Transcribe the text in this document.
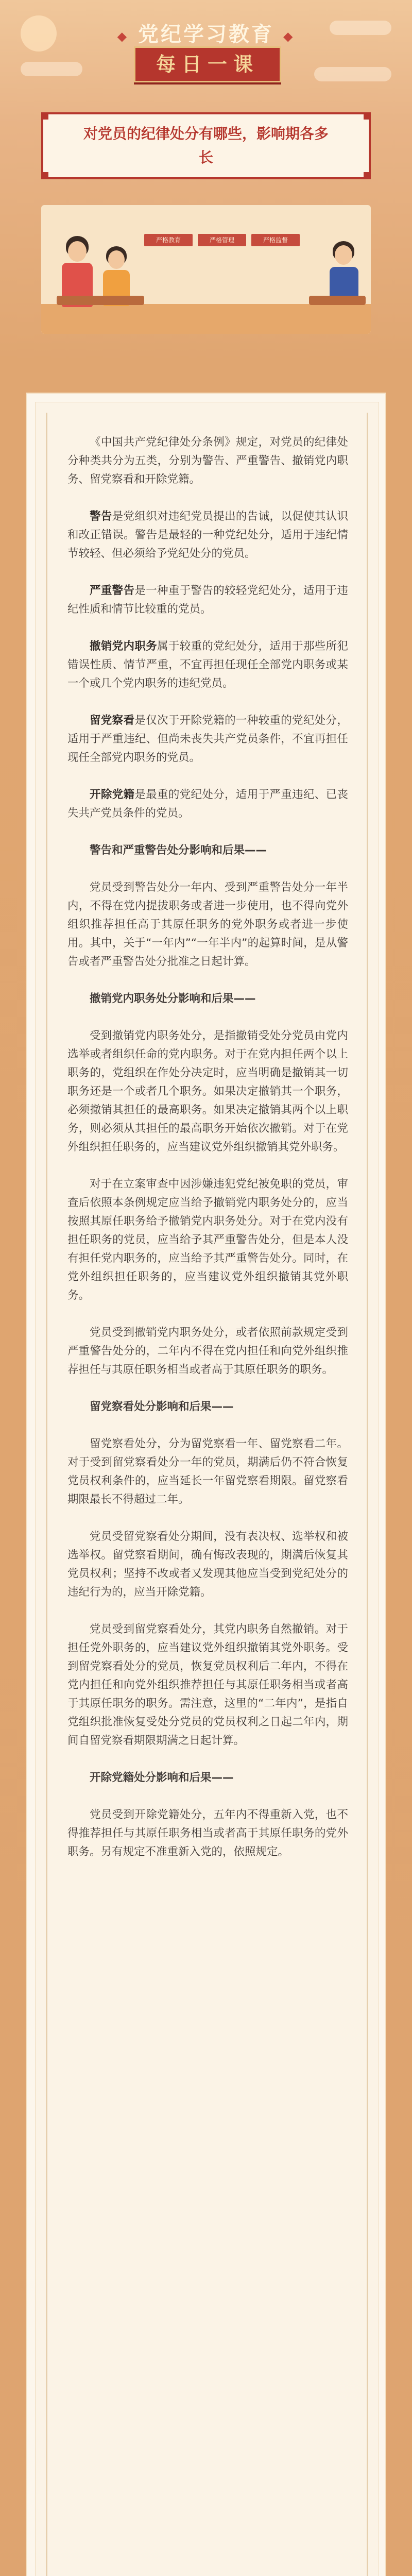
◆ 党纪学习教育 ◆
每日一课
对党员的纪律处分有哪些，影响期各多长
严格教育	严格管理	严格监督

《中国共产党纪律处分条例》规定，对党员的纪律处分种类共分为五类，分别为警告、严重警告、撤销党内职务、留党察看和开除党籍。

警告是党组织对违纪党员提出的告诫，以促使其认识和改正错误。警告是最轻的一种党纪处分，适用于违纪情节较轻、但必须给予党纪处分的党员。

严重警告是一种重于警告的较轻党纪处分，适用于违纪性质和情节比较重的党员。

撤销党内职务属于较重的党纪处分，适用于那些所犯错误性质、情节严重，不宜再担任现任全部党内职务或某一个或几个党内职务的违纪党员。

留党察看是仅次于开除党籍的一种较重的党纪处分，适用于严重违纪、但尚未丧失共产党员条件，不宜再担任现任全部党内职务的党员。

开除党籍是最重的党纪处分，适用于严重违纪、已丧失共产党员条件的党员。

警告和严重警告处分影响和后果——

党员受到警告处分一年内、受到严重警告处分一年半内，不得在党内提拔职务或者进一步使用，也不得向党外组织推荐担任高于其原任职务的党外职务或者进一步使用。其中，关于“一年内”“一年半内”的起算时间，是从警告或者严重警告处分批准之日起计算。

撤销党内职务处分影响和后果——

受到撤销党内职务处分，是指撤销受处分党员由党内选举或者组织任命的党内职务。对于在党内担任两个以上职务的，党组织在作处分决定时，应当明确是撤销其一切职务还是一个或者几个职务。如果决定撤销其一个职务，必须撤销其担任的最高职务。如果决定撤销其两个以上职务，则必须从其担任的最高职务开始依次撤销。对于在党外组织担任职务的，应当建议党外组织撤销其党外职务。

对于在立案审查中因涉嫌违犯党纪被免职的党员，审查后依照本条例规定应当给予撤销党内职务处分的，应当按照其原任职务给予撤销党内职务处分。对于在党内没有担任职务的党员，应当给予其严重警告处分，但是本人没有担任党内职务的，应当给予其严重警告处分。同时，在党外组织担任职务的，应当建议党外组织撤销其党外职务。

党员受到撤销党内职务处分，或者依照前款规定受到严重警告处分的，二年内不得在党内担任和向党外组织推荐担任与其原任职务相当或者高于其原任职务的职务。

留党察看处分影响和后果——

留党察看处分，分为留党察看一年、留党察看二年。对于受到留党察看处分一年的党员，期满后仍不符合恢复党员权利条件的，应当延长一年留党察看期限。留党察看期限最长不得超过二年。

党员受留党察看处分期间，没有表决权、选举权和被选举权。留党察看期间，确有悔改表现的，期满后恢复其党员权利；坚持不改或者又发现其他应当受到党纪处分的违纪行为的，应当开除党籍。

党员受到留党察看处分，其党内职务自然撤销。对于担任党外职务的，应当建议党外组织撤销其党外职务。受到留党察看处分的党员，恢复党员权利后二年内，不得在党内担任和向党外组织推荐担任与其原任职务相当或者高于其原任职务的职务。需注意，这里的“二年内”，是指自党组织批准恢复受处分党员的党员权利之日起二年内，期间自留党察看期限期满之日起计算。

开除党籍处分影响和后果——

党员受到开除党籍处分，五年内不得重新入党，也不得推荐担任与其原任职务相当或者高于其原任职务的党外职务。另有规定不准重新入党的，依照规定。
